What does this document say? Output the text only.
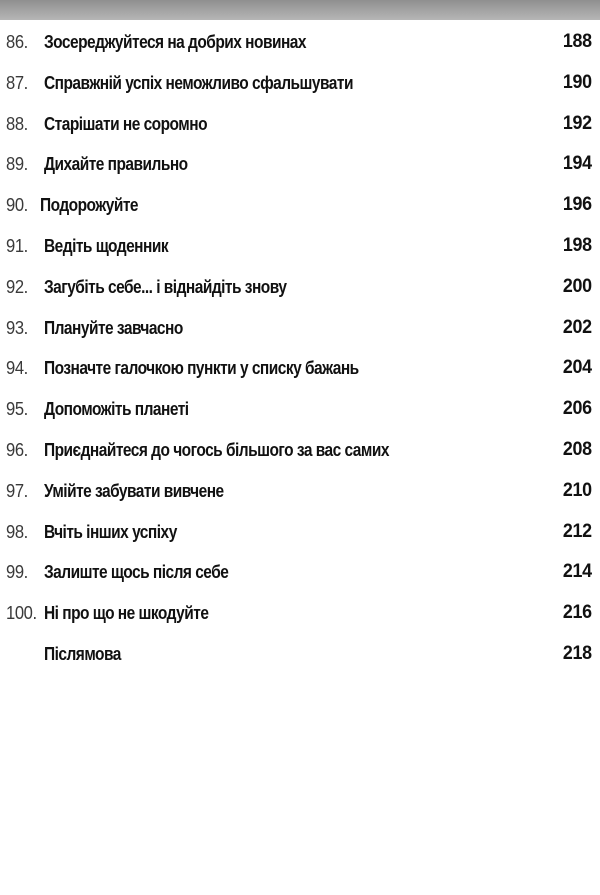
86. Зосереджуйтеся на добрих новинах	188
87. Справжній успіх неможливо сфальшувати	190
88. Старішати не соромно	192
89. Дихайте правильно	194
90. Подорожуйте	196
91. Ведіть щоденник	198
92. Загубіть себе... і віднайдіть знову	200
93. Плануйте завчасно	202
94. Позначте галочкою пункти у списку бажань	204
95. Допоможіть планеті	206
96. Приєднайтеся до чогось більшого за вас самих	208
97. Умійте забувати вивчене	210
98. Вчіть інших успіху	212
99. Залиште щось після себе	214
100. Ні про що не шкодуйте	216
Післямова	218
